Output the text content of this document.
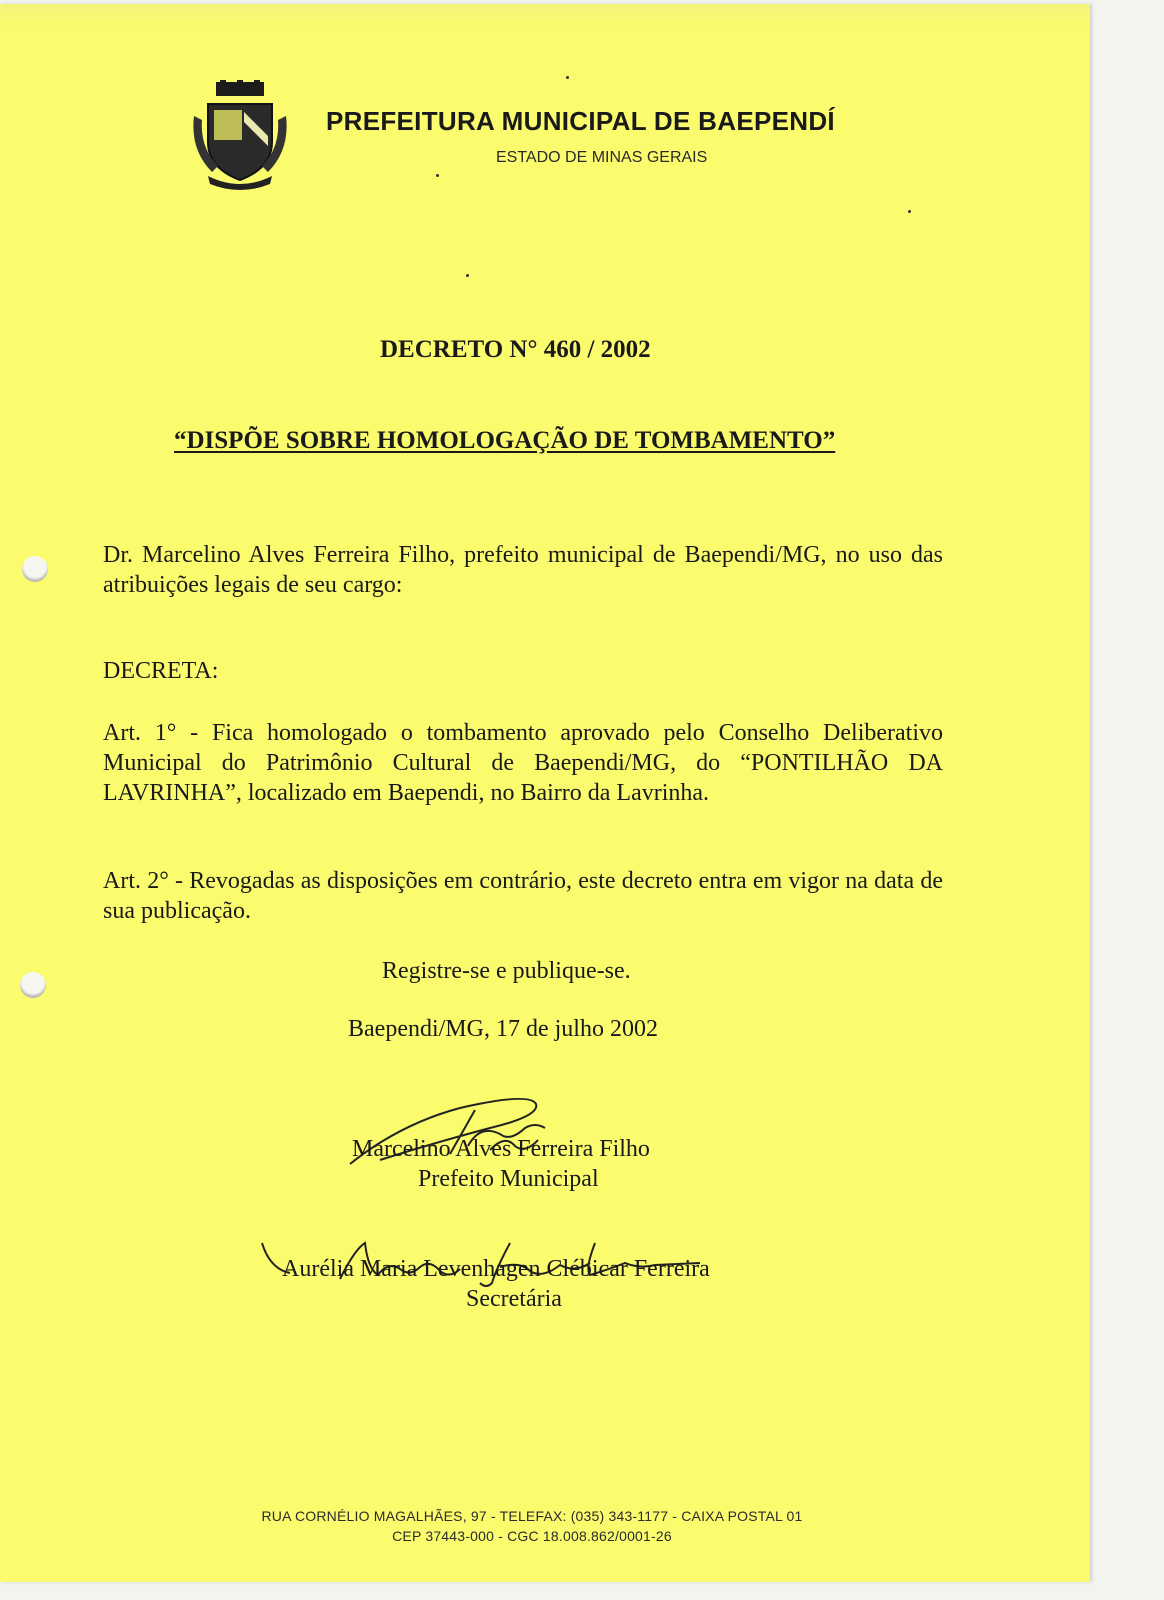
PREFEITURA MUNICIPAL DE BAEPENDÍ
ESTADO DE MINAS GERAIS
DECRETO N° 460 / 2002
“DISPÕE SOBRE HOMOLOGAÇÃO DE TOMBAMENTO”
Dr. Marcelino Alves Ferreira Filho, prefeito municipal de Baependi/MG, no uso das atribuições legais de seu cargo:
DECRETA:
Art. 1° - Fica homologado o tombamento aprovado pelo Conselho Deliberativo Municipal do Patrimônio Cultural de Baependi/MG, do “PONTILHÃO DA LAVRINHA”, localizado em Baependi, no Bairro da Lavrinha.
Art. 2° - Revogadas as disposições em contrário, este decreto entra em vigor na data de sua publicação.
Registre-se e publique-se.
Baependi/MG, 17 de julho 2002
Marcelino Alves Ferreira Filho
Prefeito Municipal
Aurélia Maria Levenhagen Clébicar Ferreira
Secretária
RUA CORNÉLIO MAGALHÃES, 97 - TELEFAX: (035) 343-1177 - CAIXA POSTAL 01
CEP 37443-000 - CGC 18.008.862/0001-26
